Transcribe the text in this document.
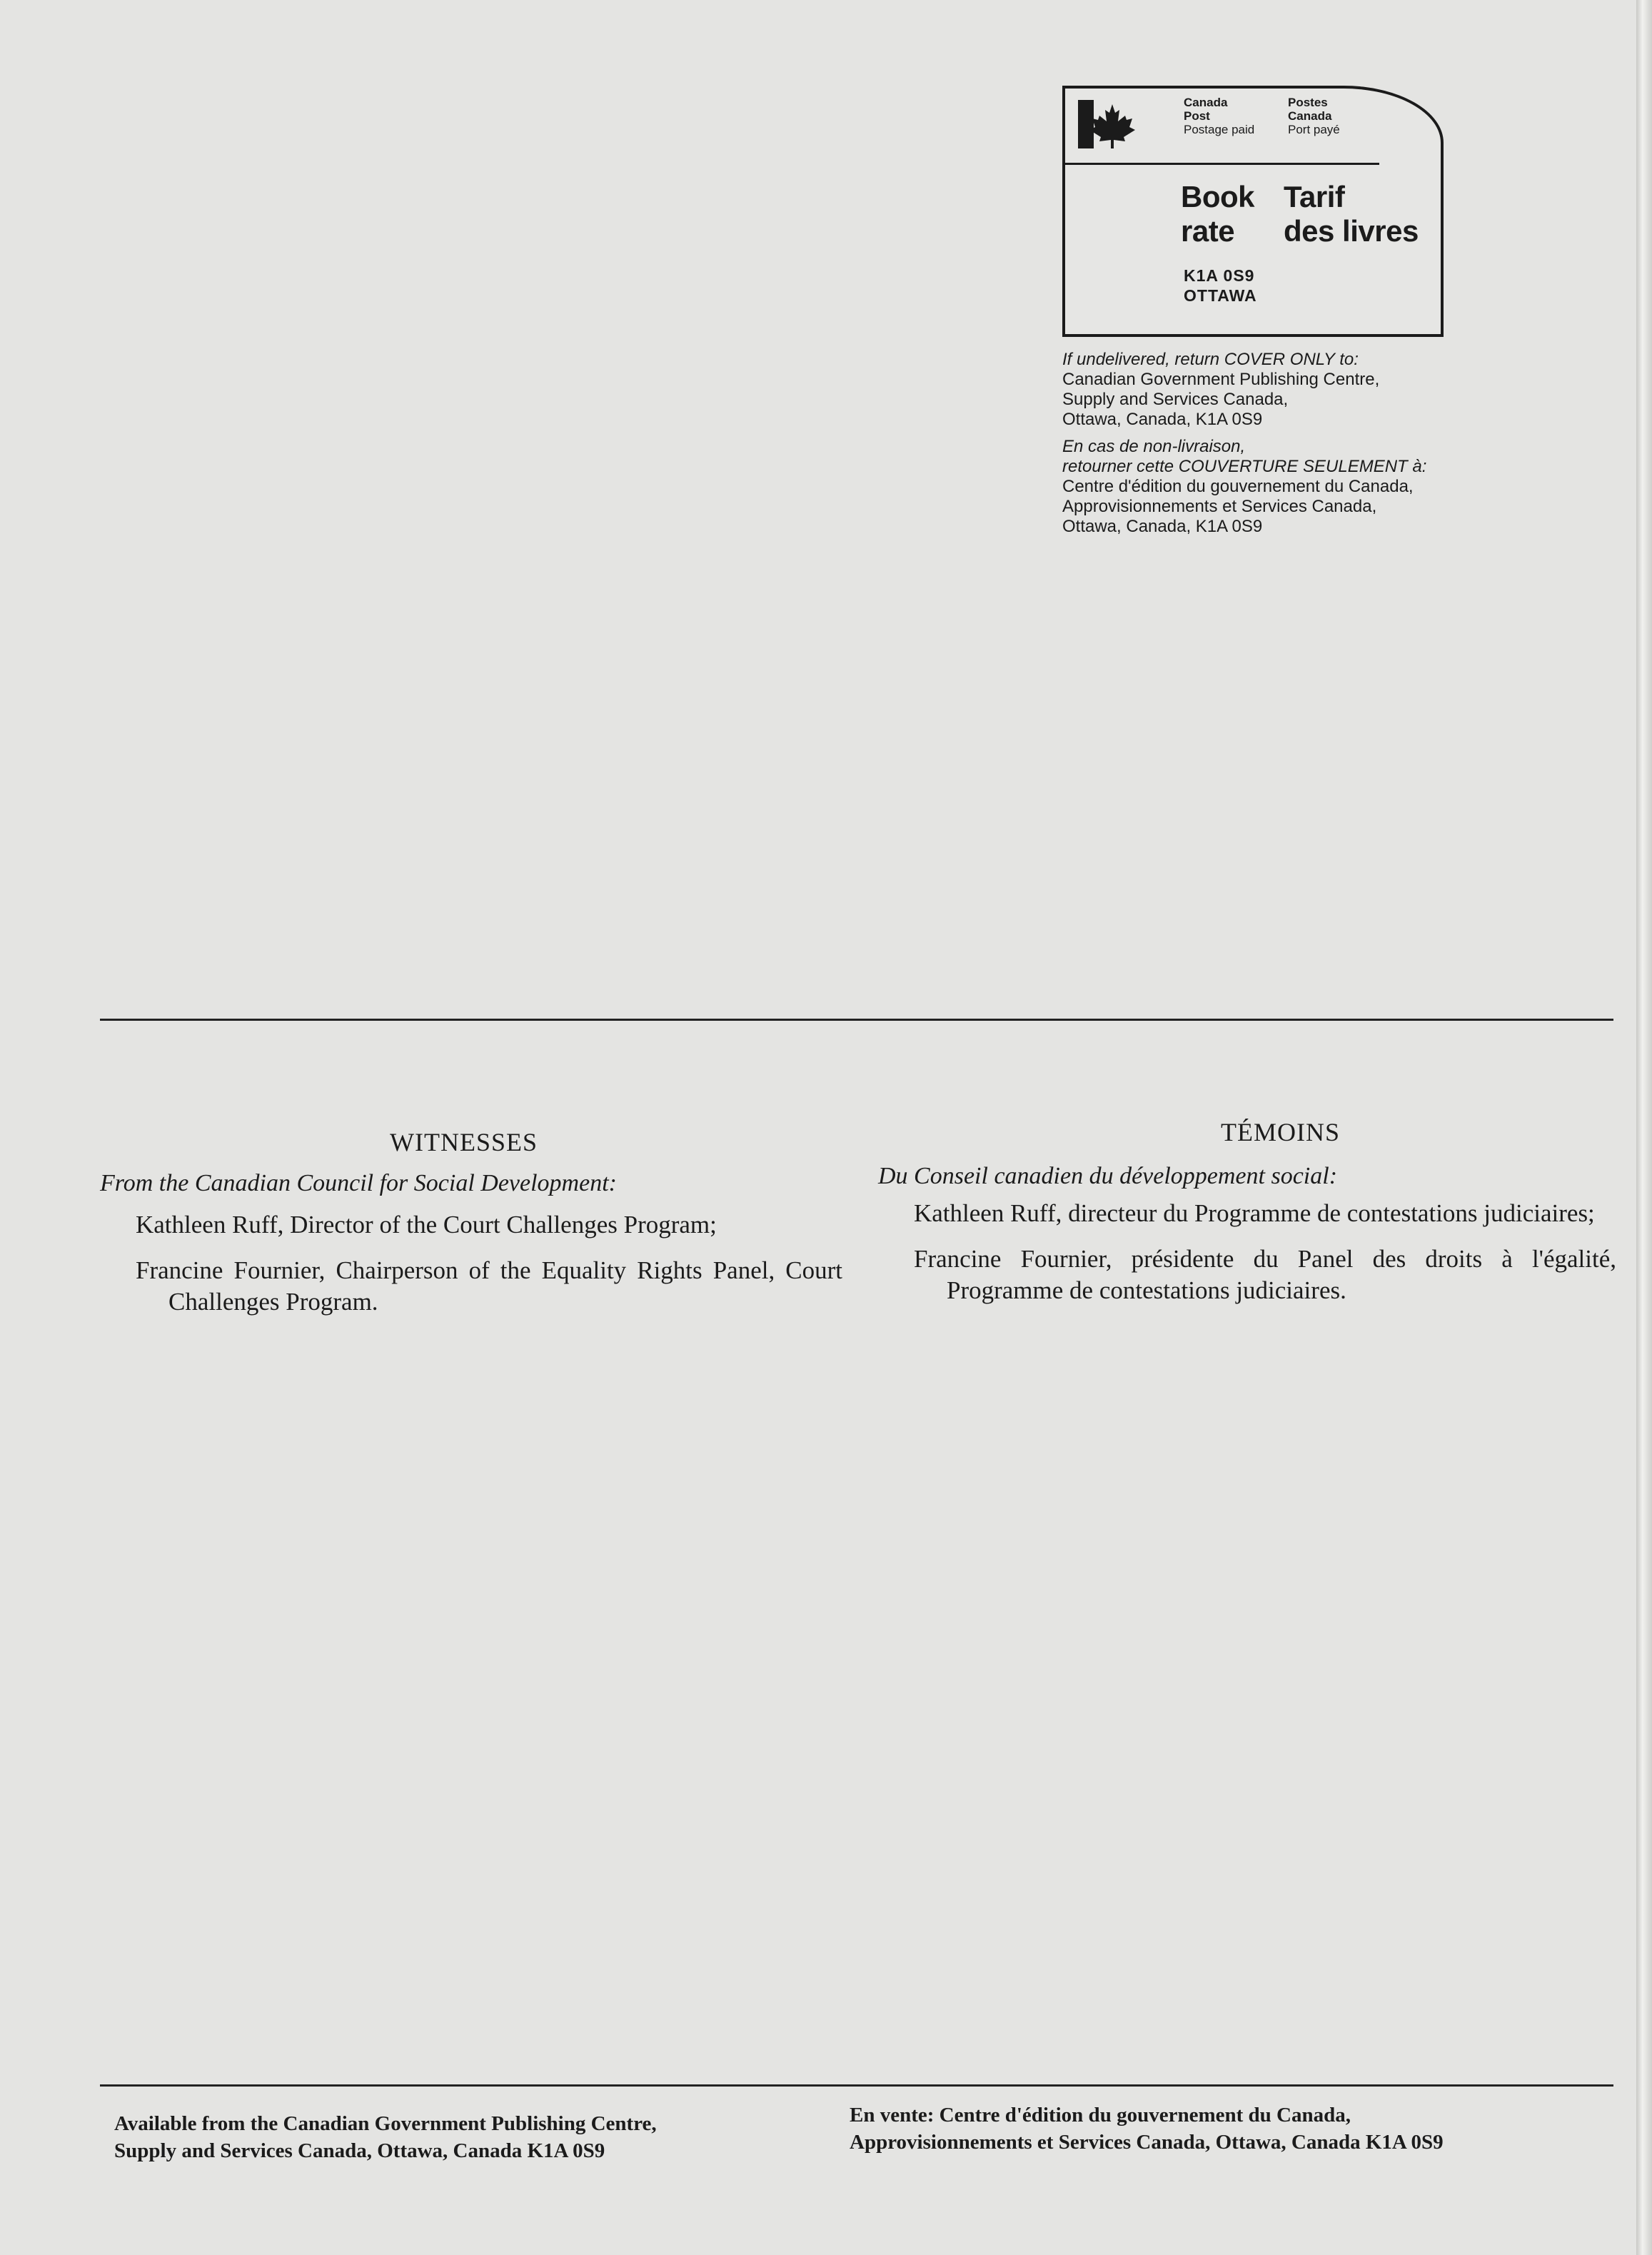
Canada
Post
Postage paid
Postes
Canada
Port payé
Book
rate
Tarif
des livres
K1A 0S9
OTTAWA

If undelivered, return COVER ONLY to:
Canadian Government Publishing Centre,
Supply and Services Canada,
Ottawa, Canada, K1A 0S9

En cas de non-livraison,
retourner cette COUVERTURE SEULEMENT à:
Centre d'édition du gouvernement du Canada,
Approvisionnements et Services Canada,
Ottawa, Canada, K1A 0S9

WITNESSES
From the Canadian Council for Social Development:

Kathleen Ruff, Director of the Court Challenges Program;

Francine Fournier, Chairperson of the Equality Rights Panel, Court Challenges Program.

TÉMOINS
Du Conseil canadien du développement social:

Kathleen Ruff, directeur du Programme de contestations judiciaires;

Francine Fournier, présidente du Panel des droits à l'égalité, Programme de contestations judiciaires.

Available from the Canadian Government Publishing Centre,
Supply and Services Canada, Ottawa, Canada K1A 0S9
En vente: Centre d'édition du gouvernement du Canada,
Approvisionnements et Services Canada, Ottawa, Canada K1A 0S9
